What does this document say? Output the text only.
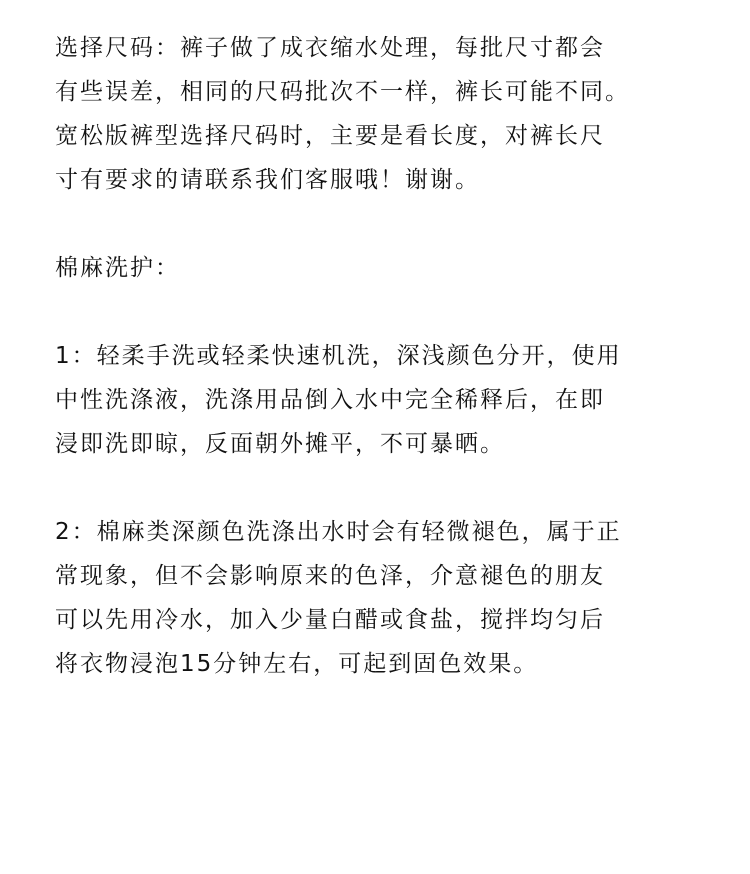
选择尺码：裤子做了成衣缩水处理，每批尺寸都会
有些误差，相同的尺码批次不一样，裤长可能不同。
宽松版裤型选择尺码时，主要是看长度，对裤长尺
寸有要求的请联系我们客服哦！谢谢。
棉麻洗护：
1：轻柔手洗或轻柔快速机洗，深浅颜色分开，使用
中性洗涤液，洗涤用品倒入水中完全稀释后，在即
浸即洗即晾，反面朝外摊平，不可暴晒。
2：棉麻类深颜色洗涤出水时会有轻微褪色，属于正
常现象，但不会影响原来的色泽，介意褪色的朋友
可以先用冷水，加入少量白醋或食盐，搅拌均匀后
将衣物浸泡15分钟左右，可起到固色效果。
